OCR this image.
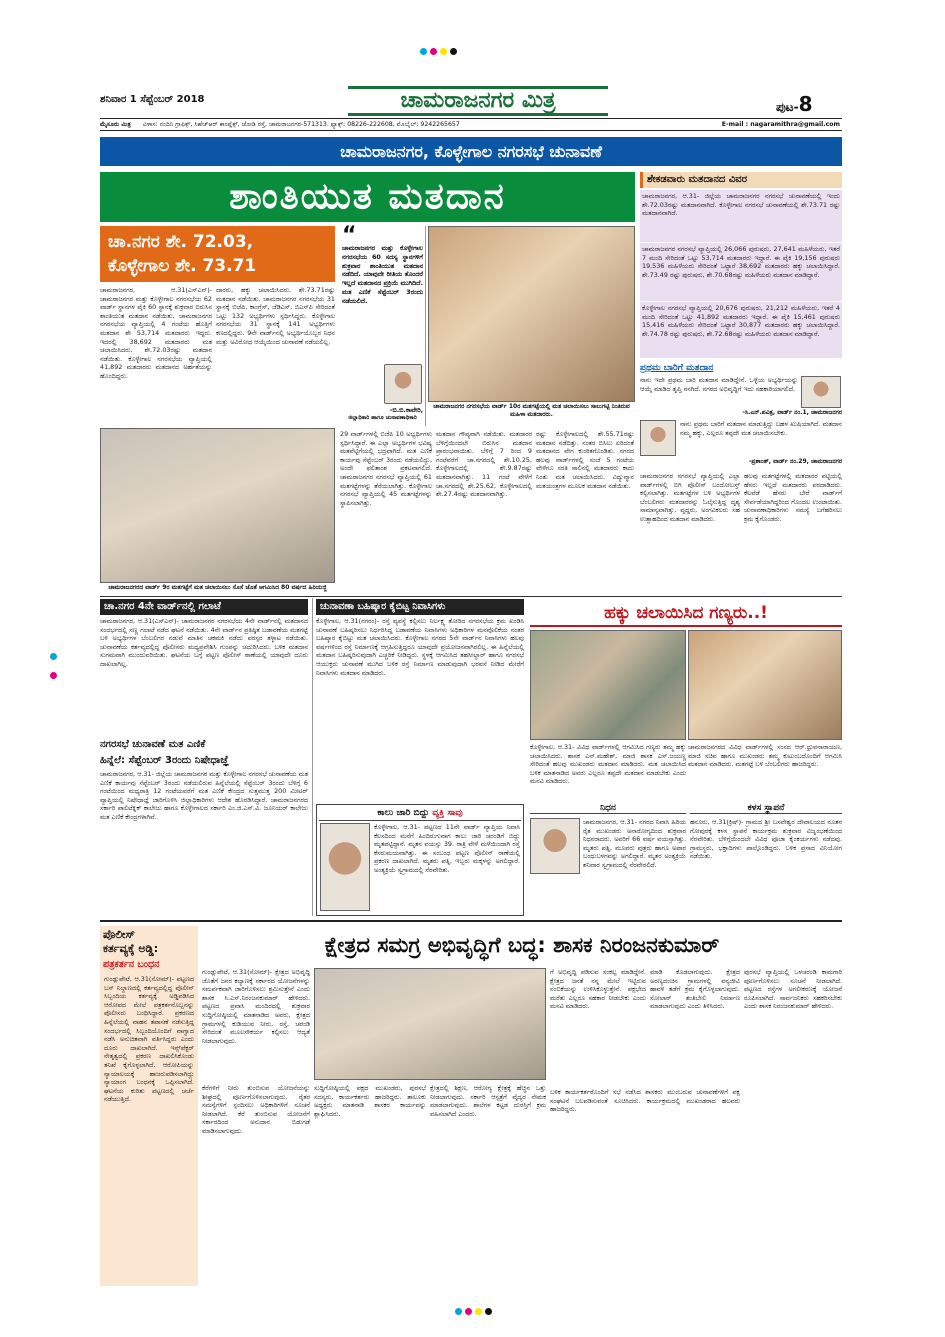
ಶನಿವಾರ 1 ಸೆಪ್ಟೆಂಬರ್ 2018	ಚಾಮರಾಜನಗರ ಮಿತ್ರ	ಪುಟ-8
ಮೈಸೂರು ಮಿತ್ರ ವಿಳಾಸ: ನಂದಿನಿ ಗ್ರಾಫಿಕ್ಸ್, ಸಿಹೆಚ್‌ಆರ್ ಕಾಂಪ್ಲೆಕ್ಸ್, ಜೋಡಿ ರಸ್ತೆ, ಚಾಮರಾಜನಗರ-571313. ಫ್ಯಾಕ್ಸ್: 08226-222608, ಮೊಬೈಲ್: 9242265657	E-mail : nagaramithra@gmail.com
ಚಾಮರಾಜನಗರ, ಕೊಳ್ಳೇಗಾಲ ನಗರಸಭೆ ಚುನಾವಣೆ
ಶಾಂತಿಯುತ ಮತದಾನ
ಚಾ.ನಗರ ಶೇ. 72.03,
ಕೊಳ್ಳೇಗಾಲ ಶೇ. 73.71
ಚಾಮರಾಜನಗರ, ಆ.31(ಎಸ್‌ಎನ್‌)- ಚಾಮರಾಜನಗರ ಮತ್ತು ಕೊಳ್ಳೇಗಾಲ ನಗರಸಭೆಯ 62 ವಾರ್ಡ್ ಸ್ಥಾನಗಳ ಪೈಕಿ 60 ಸ್ಥಾನಕ್ಕೆ ಶುಕ್ರವಾರ ಬಿರುಸಿನ ಶಾಂತಿಯುತ ಮತದಾನ ನಡೆಯಿತು. ಚಾಮರಾಜನಗರ ನಗರಸಭೆಯ ವ್ಯಾಪ್ತಿಯಲ್ಲಿ 4 ಗಂಟೆಯ ಹೊತ್ತಿಗೆ ಮತದಾನ ಶೇ 53,714 ಮತದಾರರು ಇದ್ದರು. ಇದರಲ್ಲಿ 38,692 ಮತದಾರರು ಮತ ಚಲಾಯಿಸಿದರು. ಶೇ.72.03ರಷ್ಟು ಮತದಾನ ನಡೆಯಿತು. ಕೊಳ್ಳೇಗಾಲ ನಗರಸಭೆಯ ವ್ಯಾಪ್ತಿಯಲ್ಲಿ 41,892 ಮತದಾರರು ಮತದಾನದ ಅರ್ಹತೆಯನ್ನು ಹೊಂದಿದ್ದರು.
ದಾರರು, ಹಕ್ಕು ಚಲಾಯಿಸಿದರು. ಶೇ.73.71ರಷ್ಟು ಮತದಾನ ನಡೆಯಿತು. ಚಾಮರಾಜನಗರ ನಗರಸಭೆಯ 31 ಸ್ಥಾನಕ್ಕೆ ಬಿಜೆಪಿ, ಕಾಂಗ್ರೆಸ್, ಜೆಡಿಎಸ್, ಬಿಎಸ್‌ಪಿ ಸೇರಿದಂತೆ ಒಟ್ಟು 132 ಅಭ್ಯರ್ಥಿಗಳು ಸ್ಪರ್ಧಿಸಿದ್ದರು. ಕೊಳ್ಳೇಗಾಲ ನಗರಸಭೆಯ 31 ಸ್ಥಾನಕ್ಕೆ 141 ಅಭ್ಯರ್ಥಿಗಳು ಕಣದಲ್ಲಿದ್ದರು. 9ನೇ ವಾರ್ಡ್‌ನಲ್ಲಿ ಅಭ್ಯರ್ಥಿಯೊಬ್ಬರ ನಿಧನ ಮತ್ತು ಅವಿರೋಧ ಆಯ್ಕೆಯಿಂದ ಚುನಾವಣೆ ನಡೆಯಲಿಲ್ಲ.
“
ಚಾಮರಾಜನಗರ ಮತ್ತು ಕೊಳ್ಳೇಗಾಲ ನಗರಸಭೆಯ 60 ಸದಸ್ಯ ಸ್ಥಾನಗಳಿಗೆ ಶುಕ್ರವಾರ ಶಾಂತಿಯುತ ಮತದಾನ ನಡೆದಿದೆ. ಯಾವುದೇ ರೀತಿಯ ತೊಂದರೆ ಇಲ್ಲದೆ ಮತದಾನದ ಪ್ರಕ್ರಿಯೆ ಮುಗಿದಿದೆ. ಮತ ಎಣಿಕೆ ಸೆಪ್ಟೆಂಬರ್ 3ರಂದು ನಡೆಯಲಿದೆ.
-ಬಿ.ಬಿ.ಕಾವೇರಿ,
ಜಿಲ್ಲಾಧಿಕಾರಿ ಹಾಗೂ ಚುನಾವಣಾಧಿಕಾರಿ
ಚಾಮರಾಜನಗರ ನಗರಸಭೆಯ ವಾರ್ಡ್ 10ರ ಮತಗಟ್ಟೆಯಲ್ಲಿ ಮತ ಚಲಾಯಿಸಲು ಸಾಲುಗಟ್ಟಿ ನಿಂತಿರುವ ಮಹಿಳಾ ಮತದಾರರು.
ಚಾಮರಾಜನಗರದ ವಾರ್ಡ್ 9ರ ಮತಗಟ್ಟೆಗೆ ಮತ ಚಲಾಯಿಸಲು ಸೊಸೆ ಜೊತೆ ಆಗಮಿಸಿದ 80 ವರ್ಷದ ಹಿರಿಯಜ್ಜಿ
29 ವಾರ್ಡ್‌ಗಳಲ್ಲಿ ಬಿಜೆಪಿ 10 ಅಭ್ಯರ್ಥಿಗಳು ಸ್ಪರ್ಧಿಸಿದ್ದಾರೆ. ಈ ಎಲ್ಲಾ ಅಭ್ಯರ್ಥಿಗಳ ಭವಿಷ್ಯ ಮತಪೆಟ್ಟಿಗೆಯಲ್ಲಿ ಭದ್ರವಾಗಿದೆ. ಮತ ಎಣಿಕೆ ಕಾರ್ಯವು ಸೆಪ್ಟೆಂಬರ್ 3ರಂದು ನಡೆಯಲಿದ್ದು, ಅಂದೇ ಫಲಿತಾಂಶ ಪ್ರಕಟವಾಗಲಿದೆ. ಚಾಮರಾಜನಗರ ನಗರಸಭೆ ವ್ಯಾಪ್ತಿಯಲ್ಲಿ 61 ಮತಗಟ್ಟೆಗಳನ್ನು ತೆರೆಯಲಾಗಿತ್ತು. ಕೊಳ್ಳೇಗಾಲ ನಗರಸಭೆ ವ್ಯಾಪ್ತಿಯಲ್ಲಿ 45 ಮತಗಟ್ಟೆಗಳನ್ನು ಸ್ಥಾಪಿಸಲಾಗಿತ್ತು.
ಮತದಾನ ಗೌಪ್ಯವಾಗಿ ನಡೆಯಿತು. ಮತದಾರರ ಬೆಳಿಗ್ಗೆಯಿಂದಲೇ ಬಿರುಸಿನ ಮತದಾನ ಪ್ರಾರಂಭವಾಯಿತು. ಬೆಳಿಗ್ಗೆ 7 ರಿಂದ 9 ಗಂಟೆವರೆಗೆ ಚಾ.ನಗರದಲ್ಲಿ ಶೇ.10.25, ಕೊಳ್ಳೇಗಾಲದಲ್ಲಿ ಶೇ.9.87ರಷ್ಟು ಮತದಾನವಾಗಿತ್ತು. 11 ಗಂಟೆ ವೇಳೆಗೆ ಚಾ.ನಗರದಲ್ಲಿ ಶೇ.25.62, ಕೊಳ್ಳೇಗಾಲದಲ್ಲಿ ಶೇ.27.4ರಷ್ಟು ಮತದಾನವಾಗಿತ್ತು.
ರಷ್ಟು ಕೊಳ್ಳೇಗಾಲದಲ್ಲಿ ಶೇ.55.71ರಷ್ಟು ಮತದಾನ ನಡೆದಿತ್ತು. ನಂತರ ಬಿಸಿಲು ಏರಿದಂತೆ ಮತದಾನದ ವೇಗ ಕುಂಠಿತಗೊಂಡಿತು. ನಗರದ ಹಲವು ವಾರ್ಡ್‌ಗಳಲ್ಲಿ ಸಂಜೆ 5 ಗಂಟೆಯ ವೇಳೆಗೂ ಸರತಿ ಸಾಲಿನಲ್ಲಿ ಮತದಾರರು ಕಾದು ನಿಂತು ಮತ ಚಲಾಯಿಸಿದರು. ವಿದ್ಯುನ್ಮಾನ ಮತಯಂತ್ರಗಳ ಮೂಲಕ ಮತದಾನ ನಡೆಯಿತು.
ಶೇಕಡವಾರು ಮತದಾನದ ವಿವರ
ಚಾಮರಾಜನಗರ, ಆ.31- ಜಿಲ್ಲೆಯ ಚಾಮರಾಜನಗರ ನಗರಸಭೆ ಚುನಾವಣೆಯಲ್ಲಿ ಇಂದು ಶೇ.72.03ರಷ್ಟು ಮತದಾನವಾಗಿದೆ. ಕೊಳ್ಳೇಗಾಲ ನಗರಸಭೆ ಚುನಾವಣೆಯಲ್ಲಿ ಶೇ.73.71 ರಷ್ಟು ಮತದಾನವಾಗಿದೆ.
ಚಾಮರಾಜನಗರ ನಗರಸಭೆ ವ್ಯಾಪ್ತಿಯಲ್ಲಿ 26,066 ಪುರುಷರು, 27,641 ಮಹಿಳೆಯರು, ಇತರೆ 7 ಮಂದಿ ಸೇರಿದಂತೆ ಒಟ್ಟು 53,714 ಮತದಾರರು ಇದ್ದಾರೆ. ಈ ಪೈಕಿ 19,156 ಪುರುಷರು 19,536 ಮಹಿಳೆಯರು ಸೇರಿದಂತೆ ಒಟ್ಟಾರೆ 38,692 ಮತದಾರರು ಹಕ್ಕು ಚಲಾಯಿಸಿದ್ದಾರೆ. ಶೇ.73.49 ರಷ್ಟು ಪುರುಷರು, ಶೇ.70.68ರಷ್ಟು ಮಹಿಳೆಯರು ಮತದಾನ ಮಾಡಿದ್ದಾರೆ.
ಕೊಳ್ಳೇಗಾಲ ನಗರಸಭೆ ವ್ಯಾಪ್ತಿಯಲ್ಲಿ 20,676 ಪುರುಷರು, 21,212 ಮಹಿಳೆಯರು, ಇತರೆ 4 ಮಂದಿ ಸೇರಿದಂತೆ ಒಟ್ಟು 41,892 ಮತದಾರರು ಇದ್ದಾರೆ. ಈ ಪೈಕಿ 15,461 ಪುರುಷರು 15,416 ಮಹಿಳೆಯರು ಸೇರಿದಂತೆ ಒಟ್ಟಾರೆ 30,877 ಮತದಾರರು ಹಕ್ಕು ಚಲಾಯಿಸಿದ್ದಾರೆ. ಶೇ.74.78 ರಷ್ಟು ಪುರುಷರು, ಶೇ.72.68ರಷ್ಟು ಮಹಿಳೆಯರು ಮತದಾನ ಮಾಡಿದ್ದಾರೆ.
ಪ್ರಥಮ ಬಾರಿಗೆ ಮತದಾನ
ನಾನು ಇದೇ ಪ್ರಥಮ ಬಾರಿ ಮತದಾನ ಮಾಡಿದ್ದೇನೆ. ಒಳ್ಳೆಯ ಅಭ್ಯರ್ಥಿಯನ್ನು ಆಯ್ಕೆ ಮಾಡಿದ ತೃಪ್ತಿ ನನಗಿದೆ. ನಗರದ ಅಭಿವೃದ್ಧಿಗೆ ಇದು ಸಹಕಾರಿಯಾಗಲಿದೆ.
-ಸಿ.ಎನ್.ಪವಿತ್ರ, ವಾರ್ಡ್ ನಂ.1, ಚಾಮರಾಜನಗರ
ನಾನು ಪ್ರಥಮ ಬಾರಿಗೆ ಮತದಾನ ಮಾಡುತ್ತಿದ್ದು ಬಹಳ ಖುಷಿಯಾಗಿದೆ. ಮತದಾನ ನಮ್ಮ ಹಕ್ಕು, ಎಲ್ಲರೂ ತಪ್ಪದೇ ಮತ ಚಲಾಯಿಸಬೇಕು.
-ಪ್ರಶಾಂತ್, ವಾರ್ಡ್ ನಂ.29, ಚಾಮರಾಜನಗರ
ಚಾಮರಾಜನಗರ ನಗರಸಭೆ ವ್ಯಾಪ್ತಿಯಲ್ಲಿ ಎಲ್ಲಾ ವಾರ್ಡ್‌ಗಳಲ್ಲಿ ಬಿಗಿ ಪೊಲೀಸ್ ಬಂದೋಬಸ್ತ್ ಕಲ್ಪಿಸಲಾಗಿತ್ತು. ಮತಗಟ್ಟೆಗಳ ಬಳಿ ಅಭ್ಯರ್ಥಿಗಳ ಬೆಂಬಲಿಗರು ಮತದಾರರನ್ನು ಓಲೈಸುತ್ತಿದ್ದ ದೃಶ್ಯ ಸಾಮಾನ್ಯವಾಗಿತ್ತು. ವೃದ್ಧರು, ಅಂಗವಿಕಲರು ಸಹ ಉತ್ಸಾಹದಿಂದ ಮತದಾನ ಮಾಡಿದರು.
ಹಲವು ಮತಗಟ್ಟೆಗಳಲ್ಲಿ ಮತದಾರರ ಪಟ್ಟಿಯಲ್ಲಿ ಹೆಸರು ಇಲ್ಲದೆ ಮತದಾರರು ಪರದಾಡಿದರು. ಕೆಲವೆಡೆ ಹೆಸರು ಬೇರೆ ವಾರ್ಡ್‌ಗೆ ಸೇರ್ಪಡೆಯಾಗಿದ್ದರಿಂದ ಗೊಂದಲ ಉಂಟಾಯಿತು. ಚುನಾವಣಾಧಿಕಾರಿಗಳು ಸಮಸ್ಯೆ ಬಗೆಹರಿಸಲು ಕ್ರಮ ಕೈಗೊಂಡರು.
ಚಾ.ನಗರ 4ನೇ ವಾರ್ಡ್‌ನಲ್ಲಿ ಗಲಾಟೆ
ಚಾಮರಾಜನಗರ, ಆ.31(ಎಸ್‌ಎನ್‌)- ಚಾಮರಾಜನಗರ ನಗರಸಭೆಯ 4ನೇ ವಾರ್ಡ್‌ನಲ್ಲಿ ಮತದಾನದ ಸಂದರ್ಭದಲ್ಲಿ ಸಣ್ಣ ಗಲಾಟೆ ನಡೆದ ಘಟನೆ ನಡೆಯಿತು. 4ನೇ ವಾರ್ಡ್‌ನ ಪ್ರತಿಷ್ಠಿತ ಬಡಾವಣೆಯ ಮತಗಟ್ಟೆ ಬಳಿ ಅಭ್ಯರ್ಥಿಗಳ ಬೆಂಬಲಿಗರ ನಡುವೆ ಮಾತಿನ ಚಕಮಕಿ ನಡೆದು ಪರಸ್ಪರ ತಳ್ಳಾಟ ನಡೆಯಿತು. ಚುನಾವಣೆಯ ಕರ್ತವ್ಯದಲ್ಲಿದ್ದ ಪೊಲೀಸರು ಮಧ್ಯಪ್ರವೇಶಿಸಿ ಗುಂಪನ್ನು ಚದುರಿಸಿದರು. ಬಳಿಕ ಮತದಾನ ಸುಗಮವಾಗಿ ಮುಂದುವರಿಯಿತು. ಘಟನೆಯ ಬಗ್ಗೆ ಪಟ್ಟಣ ಪೊಲೀಸ್ ಠಾಣೆಯಲ್ಲಿ ಯಾವುದೇ ದೂರು ದಾಖಲಾಗಿಲ್ಲ.
ನಗರಸಭೆ ಚುನಾವಣೆ ಮತ ಎಣಿಕೆ
ಹಿನ್ನೆಲೆ: ಸೆಪ್ಟೆಂಬರ್ 3ರಂದು ನಿಷೇಧಾಜ್ಞೆ
ಚಾಮರಾಜನಗರ, ಆ.31- ಜಿಲ್ಲೆಯ ಚಾಮರಾಜನಗರ ಮತ್ತು ಕೊಳ್ಳೇಗಾಲ ನಗರಸಭೆ ಚುನಾವಣೆಯ ಮತ ಎಣಿಕೆ ಕಾರ್ಯವು ಸೆಪ್ಟೆಂಬರ್ 3ರಂದು ನಡೆಯಲಿರುವ ಹಿನ್ನೆಲೆಯಲ್ಲಿ ಸೆಪ್ಟೆಂಬರ್ 3ರಂದು ಬೆಳಿಗ್ಗೆ 6 ಗಂಟೆಯಿಂದ ಮಧ್ಯರಾತ್ರಿ 12 ಗಂಟೆಯವರೆಗೆ ಮತ ಎಣಿಕೆ ಕೇಂದ್ರದ ಸುತ್ತಮುತ್ತ 200 ಮೀಟರ್ ವ್ಯಾಪ್ತಿಯಲ್ಲಿ ನಿಷೇಧಾಜ್ಞೆ ಜಾರಿಗೊಳಿಸಿ ಜಿಲ್ಲಾಧಿಕಾರಿಗಳು ಆದೇಶ ಹೊರಡಿಸಿದ್ದಾರೆ. ಚಾಮರಾಜನಗರದ ಸರ್ಕಾರಿ ಪಾಲಿಟೆಕ್ನಿಕ್ ಕಾಲೇಜು ಹಾಗೂ ಕೊಳ್ಳೇಗಾಲದ ಸರ್ಕಾರಿ ಎಂ.ಜಿ.ಎಸ್.ವಿ. ಜೂನಿಯರ್ ಕಾಲೇಜು ಮತ ಎಣಿಕೆ ಕೇಂದ್ರಗಳಾಗಿವೆ.
ಚುನಾವಣಾ ಬಹಿಷ್ಕಾರ ಕೈಬಿಟ್ಟ ನಿವಾಸಿಗಳು
ಕೊಳ್ಳೇಗಾಲ, ಆ.31(ನಗರಂ)- ರಸ್ತೆ ವ್ಯವಸ್ಥೆ ಕಲ್ಪಿಸಲು ನಿರ್ಲಕ್ಷ್ಯ ತೋರಿದ ನಗರಸಭೆಯ ಕ್ರಮ ಖಂಡಿಸಿ ಚುನಾವಣೆ ಬಹಿಷ್ಕರಿಸಲು ನಿರ್ಧರಿಸಿದ್ದ ಬಡಾವಣೆಯ ನಿವಾಸಿಗಳು ಅಧಿಕಾರಿಗಳ ಮನವೊಲಿಕೆಯ ನಂತರ ಬಹಿಷ್ಕಾರ ಕೈಬಿಟ್ಟು ಮತ ಚಲಾಯಿಸಿದರು. ಕೊಳ್ಳೇಗಾಲ ನಗರದ 5ನೇ ವಾರ್ಡ್‌ನ ನಿವಾಸಿಗಳು ಹಲವು ವರ್ಷಗಳಿಂದ ರಸ್ತೆ ನಿರ್ಮಾಣಕ್ಕೆ ಆಗ್ರಹಿಸುತ್ತಿದ್ದರೂ ಯಾವುದೇ ಪ್ರಯೋಜನವಾಗಿರಲಿಲ್ಲ. ಈ ಹಿನ್ನೆಲೆಯಲ್ಲಿ ಮತದಾನ ಬಹಿಷ್ಕರಿಸುವುದಾಗಿ ಎಚ್ಚರಿಕೆ ನೀಡಿದ್ದರು. ಸ್ಥಳಕ್ಕೆ ಆಗಮಿಸಿದ ತಹಸೀಲ್ದಾರ್ ಹಾಗೂ ನಗರಸಭೆ ಆಯುಕ್ತರು ಚುನಾವಣೆ ಮುಗಿದ ಬಳಿಕ ರಸ್ತೆ ನಿರ್ಮಾಣ ಮಾಡುವುದಾಗಿ ಭರವಸೆ ನೀಡಿದ ಮೇರೆಗೆ ನಿವಾಸಿಗಳು ಮತದಾನ ಮಾಡಿದರು.
ಕಾಲು ಜಾರಿ ಬಿದ್ದು ವ್ಯಕ್ತಿ ಸಾವು
ಕೊಳ್ಳೇಗಾಲ, ಆ.31- ಪಟ್ಟಣದ 11ನೇ ವಾರ್ಡ್ ವ್ಯಾಪ್ತಿಯ ನಿವಾಸಿ ಕೆಲಸದಿಂದ ಮನೆಗೆ ಹಿಂದಿರುಗುವಾಗ ಕಾಲು ಜಾರಿ ಚರಂಡಿಗೆ ಬಿದ್ದು ಮೃತಪಟ್ಟಿದ್ದಾನೆ. ಮೃತನ ವಯಸ್ಸು 39. ರಾತ್ರಿ ವೇಳೆ ಮಳೆಯಿಂದಾಗಿ ರಸ್ತೆ ಕೆಸರುಮಯವಾಗಿತ್ತು. ಈ ಸಂಬಂಧ ಪಟ್ಟಣ ಪೊಲೀಸ್ ಠಾಣೆಯಲ್ಲಿ ಪ್ರಕರಣ ದಾಖಲಾಗಿದೆ. ಮೃತರು ಪತ್ನಿ, ಇಬ್ಬರು ಮಕ್ಕಳನ್ನು ಅಗಲಿದ್ದಾರೆ. ಅಂತ್ಯಕ್ರಿಯೆ ಸ್ವಗ್ರಾಮದಲ್ಲಿ ನೆರವೇರಿತು.
ಹಕ್ಕು ಚಲಾಯಿಸಿದ ಗಣ್ಯರು..!
ಕೊಳ್ಳೇಗಾಲ, ಆ.31- ವಿವಿಧ ವಾರ್ಡ್‌ಗಳಲ್ಲಿ ಆಗಮಿಸಿದ ಗಣ್ಯರು ತಮ್ಮ ಹಕ್ಕು ಚಲಾಯಿಸಿದರು. ಶಾಸಕ ಎನ್.ಮಹೇಶ್, ಮಾಜಿ ಶಾಸಕ ಎಸ್.ಜಯಣ್ಣ ಸೇರಿದಂತೆ ಹಲವು ಮುಖಂಡರು ಮತದಾನ ಮಾಡಿದರು. ಮತ ಚಲಾಯಿಸಿದ ಬಳಿಕ ಮಾತನಾಡಿದ ಅವರು ಎಲ್ಲರೂ ತಪ್ಪದೇ ಮತದಾನ ಮಾಡಬೇಕು ಎಂದು ಮನವಿ ಮಾಡಿದರು.
ಚಾಮರಾಜನಗರದ ವಿವಿಧ ವಾರ್ಡ್‌ಗಳಲ್ಲಿ ಸಂಸದ ಆರ್.ಧ್ರುವನಾರಾಯಣ, ಮಾಜಿ ಸಚಿವ ಹಾಗೂ ಮುಖಂಡರು ತಮ್ಮ ಕುಟುಂಬದೊಂದಿಗೆ ಆಗಮಿಸಿ ಮತದಾನ ಮಾಡಿದರು. ಮತಗಟ್ಟೆ ಬಳಿ ಬೆಂಬಲಿಗರು ಹಾಜರಿದ್ದರು.
ನಿಧನ
ಚಾಮರಾಜನಗರ, ಆ.31- ನಗರದ ನಿವಾಸಿ ಹಿರಿಯ ರೈತ ಮುಖಂಡರು ಅನಾರೋಗ್ಯದಿಂದ ಶುಕ್ರವಾರ ನಿಧನರಾದರು. ಅವರಿಗೆ 66 ವರ್ಷ ವಯಸ್ಸಾಗಿತ್ತು. ಮೃತರು ಪತ್ನಿ, ಮೂವರು ಪುತ್ರರು ಹಾಗೂ ಅಪಾರ ಬಂಧುಬಳಗವನ್ನು ಅಗಲಿದ್ದಾರೆ. ಮೃತರ ಅಂತ್ಯಕ್ರಿಯೆ ಶನಿವಾರ ಸ್ವಗ್ರಾಮದಲ್ಲಿ ನೆರವೇರಲಿದೆ.
ಕಳಸ ಸ್ಥಾಪನೆ
ಹನೂರು, ಆ.31(ಕ್ರಿಷ್‌)- ಗ್ರಾಮದ ಶ್ರೀ ಬಸವೇಶ್ವರ ದೇವಾಲಯದ ನೂತನ ಗೋಪುರಕ್ಕೆ ಕಳಸ ಸ್ಥಾಪನೆ ಕಾರ್ಯಕ್ರಮ ಶುಕ್ರವಾರ ವಿಜೃಂಭಣೆಯಿಂದ ನೆರವೇರಿತು. ಬೆಳಿಗ್ಗೆಯಿಂದಲೇ ವಿವಿಧ ಪೂಜಾ ಕೈಂಕರ್ಯಗಳು ನಡೆದವು. ಗ್ರಾಮಸ್ಥರು, ಭಕ್ತಾದಿಗಳು ಪಾಲ್ಗೊಂಡಿದ್ದರು. ಬಳಿಕ ಪ್ರಸಾದ ವಿನಿಯೋಗ ನಡೆಯಿತು.
ಪೊಲೀಸ್
ಕರ್ತವ್ಯಕ್ಕೆ ಅಡ್ಡಿ:
ಪತ್ರಕರ್ತನ ಬಂಧನ
ಗುಂಡ್ಲುಪೇಟೆ, ಆ.31(ಸೋಮ್‌)- ಪಟ್ಟಣದ ಬಸ್ ನಿಲ್ದಾಣದಲ್ಲಿ ಕರ್ತವ್ಯದಲ್ಲಿದ್ದ ಪೊಲೀಸ್ ಸಿಬ್ಬಂದಿಯ ಕರ್ತವ್ಯಕ್ಕೆ ಅಡ್ಡಿಪಡಿಸಿದ ಆರೋಪದ ಮೇಲೆ ಪತ್ರಕರ್ತನೊಬ್ಬನನ್ನು ಪೊಲೀಸರು ಬಂಧಿಸಿದ್ದಾರೆ. ಪ್ರಕರಣದ ಹಿನ್ನೆಲೆಯಲ್ಲಿ ವಾಹನ ತಪಾಸಣೆ ನಡೆಸುತ್ತಿದ್ದ ಸಂದರ್ಭದಲ್ಲಿ ಸಿಬ್ಬಂದಿಯೊಂದಿಗೆ ವಾಗ್ವಾದ ನಡೆಸಿ ಅನುಚಿತವಾಗಿ ವರ್ತಿಸಿದ್ದರು ಎಂದು ದೂರು ದಾಖಲಾಗಿದೆ. ಇನ್ಸ್‌ಪೆಕ್ಟರ್ ನೇತೃತ್ವದಲ್ಲಿ ಪ್ರಕರಣ ದಾಖಲಿಸಿಕೊಂಡು ತನಿಖೆ ಕೈಗೊಳ್ಳಲಾಗಿದೆ. ಆರೋಪಿಯನ್ನು ನ್ಯಾಯಾಲಯಕ್ಕೆ ಹಾಜರುಪಡಿಸಲಾಗಿದ್ದು ನ್ಯಾಯಾಂಗ ಬಂಧನಕ್ಕೆ ಒಪ್ಪಿಸಲಾಗಿದೆ. ಘಟನೆಯ ಕುರಿತು ಪಟ್ಟಣದಲ್ಲಿ ಚರ್ಚೆ ನಡೆಯುತ್ತಿದೆ.
ಕ್ಷೇತ್ರದ ಸಮಗ್ರ ಅಭಿವೃದ್ಧಿಗೆ ಬದ್ಧ: ಶಾಸಕ ನಿರಂಜನಕುಮಾರ್
ಗುಂಡ್ಲುಪೇಟೆ, ಆ.31(ಸೋಮ್‌)- ಕ್ಷೇತ್ರದ ಅಭಿವೃದ್ಧಿ ಜೊತೆಗೆ ಜನರ ಕಲ್ಯಾಣಕ್ಕೆ ಸರ್ಕಾರದ ಯೋಜನೆಗಳನ್ನು ಸಮರ್ಪಕವಾಗಿ ಜಾರಿಗೊಳಿಸಲು ಶ್ರಮಿಸುತ್ತೇನೆ ಎಂದು ಶಾಸಕ ಸಿ.ಎಸ್.ನಿರಂಜನಕುಮಾರ್ ಹೇಳಿದರು. ಪಟ್ಟಣದ ಪ್ರವಾಸಿ ಮಂದಿರದಲ್ಲಿ ಶುಕ್ರವಾರ ಸುದ್ದಿಗೋಷ್ಠಿಯಲ್ಲಿ ಮಾತನಾಡಿದ ಅವರು, ಕ್ಷೇತ್ರದ ಗ್ರಾಮಗಳಲ್ಲಿ ಕುಡಿಯುವ ನೀರು, ರಸ್ತೆ, ಚರಂಡಿ ಸೇರಿದಂತೆ ಮೂಲಸೌಕರ್ಯ ಕಲ್ಪಿಸಲು ಆದ್ಯತೆ ನೀಡಲಾಗುವುದು.
ಗೆ ಅಭಿವೃದ್ಧಿ ಪಡಿಸುವ ಸಂಕಲ್ಪ ಮಾಡಿದ್ದೇನೆ. ಕ್ಷೇತ್ರದ ಜನತೆ ನನ್ನ ಮೇಲೆ ಇಟ್ಟಿರುವ ನಂಬಿಕೆಯನ್ನು ಉಳಿಸಿಕೊಳ್ಳುತ್ತೇನೆ. ಪಕ್ಷಭೇದ ಮರೆತು ಎಲ್ಲರೂ ಸಹಕಾರ ನೀಡಬೇಕು ಎಂದು ಮನವಿ ಮಾಡಿದರು.
ಮಾಡಿ ಕೊಡಲಾಗುವುದು. ಕ್ಷೇತ್ರದ ಅರಣ್ಯದಂಚಿನ ಗ್ರಾಮಗಳಲ್ಲಿ ವನ್ಯಜೀವಿ ಹಾವಳಿ ತಡೆಗೆ ಕ್ರಮ ಕೈಗೊಳ್ಳಲಾಗುವುದು. ಸೋಲಾರ್ ತಂತಿಬೇಲಿ ನಿರ್ಮಾಣ ಮಾಡಲಾಗುವುದು ಎಂದು ತಿಳಿಸಿದರು.
ಪುರಸಭೆ ವ್ಯಾಪ್ತಿಯಲ್ಲಿ ಒಳಚರಂಡಿ ಕಾಮಗಾರಿ ಪೂರ್ಣಗೊಳಿಸಲು ಸೂಚನೆ ನೀಡಲಾಗಿದೆ. ಪಟ್ಟಣದ ರಸ್ತೆಗಳ ಅಗಲೀಕರಣಕ್ಕೆ ಯೋಜನೆ ರೂಪಿಸಲಾಗಿದೆ. ಸಾರ್ವಜನಿಕರು ಸಹಕರಿಸಬೇಕು ಎಂದು ಶಾಸಕ ನಿರಂಜನಕುಮಾರ್ ಹೇಳಿದರು.
ಕೆರೆಗಳಿಗೆ ನೀರು ತುಂಬಿಸುವ ಯೋಜನೆಯನ್ನು ಶೀಘ್ರದಲ್ಲಿ ಪೂರ್ಣಗೊಳಿಸಲಾಗುವುದು. ರೈತರ ಸಮಸ್ಯೆಗಳಿಗೆ ಸ್ಪಂದಿಸಲು ಅಧಿಕಾರಿಗಳಿಗೆ ಸೂಚನೆ ನೀಡಲಾಗಿದೆ. ಕೆರೆ ತುಂಬಿಸುವ ಯೋಜನೆಗೆ ಸರ್ಕಾರದಿಂದ ಅನುದಾನ ಬಿಡುಗಡೆ ಮಾಡಿಸಲಾಗುವುದು.
ಸುದ್ದಿಗೋಷ್ಠಿಯಲ್ಲಿ ಪಕ್ಷದ ಮುಖಂಡರು, ಪುರಸಭೆ ಸದಸ್ಯರು, ಕಾರ್ಯಕರ್ತರು ಹಾಜರಿದ್ದರು. ತಾಲೂಕು ಅಧ್ಯಕ್ಷರು ಮಾತನಾಡಿ ಶಾಸಕರ ಕಾರ್ಯವನ್ನು ಶ್ಲಾಘಿಸಿದರು.
ಕ್ಷೇತ್ರದಲ್ಲಿ ಶಿಕ್ಷಣ, ಆರೋಗ್ಯ ಕ್ಷೇತ್ರಕ್ಕೆ ಹೆಚ್ಚಿನ ಒತ್ತು ನೀಡಲಾಗುವುದು. ಸರ್ಕಾರಿ ಆಸ್ಪತ್ರೆಗೆ ವೈದ್ಯರ ನೇಮಕ ಮಾಡಲಾಗುವುದು. ಶಾಲೆಗಳ ಕಟ್ಟಡ ದುರಸ್ತಿಗೆ ಕ್ರಮ ವಹಿಸಲಾಗಿದೆ ಎಂದರು.
ಬಳಿಕ ಕಾರ್ಯಕರ್ತರೊಂದಿಗೆ ಸಭೆ ನಡೆಸಿದ ಶಾಸಕರು ಮುಂಬರುವ ಚುನಾವಣೆಗಳಿಗೆ ಪಕ್ಷ ಸಂಘಟನೆ ಬಲಪಡಿಸುವಂತೆ ಸೂಚಿಸಿದರು. ಕಾರ್ಯಕ್ರಮದಲ್ಲಿ ಮುಖಂಡರಾದ ಹಲವರು ಹಾಜರಿದ್ದರು.
